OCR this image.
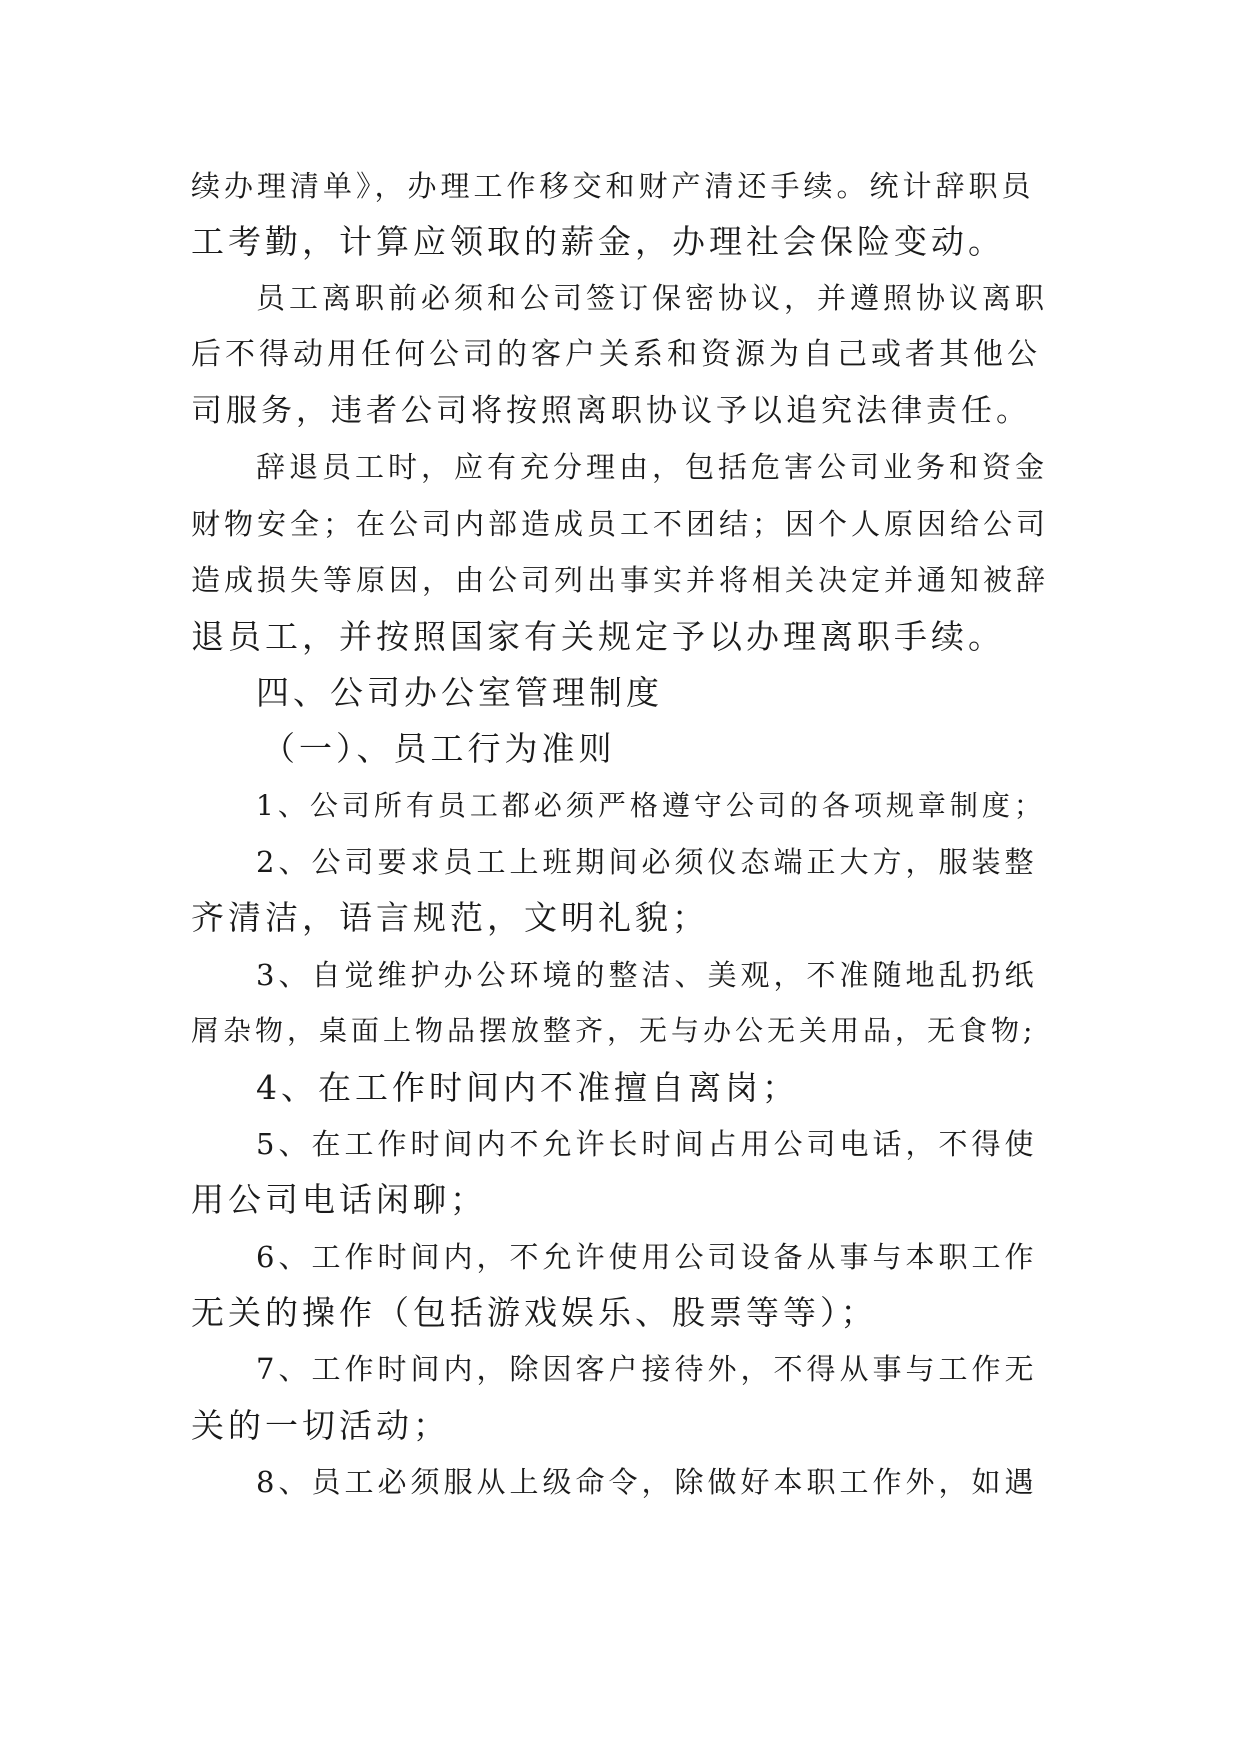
续办理清单》，办理工作移交和财产清还手续。统计辞职员
工考勤，计算应领取的薪金，办理社会保险变动。
员工离职前必须和公司签订保密协议，并遵照协议离职
后不得动用任何公司的客户关系和资源为自己或者其他公
司服务，违者公司将按照离职协议予以追究法律责任。
辞退员工时，应有充分理由，包括危害公司业务和资金
财物安全；在公司内部造成员工不团结；因个人原因给公司
造成损失等原因，由公司列出事实并将相关决定并通知被辞
退员工，并按照国家有关规定予以办理离职手续。
四、公司办公室管理制度
（一）、员工行为准则
1、公司所有员工都必须严格遵守公司的各项规章制度；
2、公司要求员工上班期间必须仪态端正大方，服装整
齐清洁，语言规范，文明礼貌；
3、自觉维护办公环境的整洁、美观，不准随地乱扔纸
屑杂物，桌面上物品摆放整齐，无与办公无关用品，无食物;
4、在工作时间内不准擅自离岗；
5、在工作时间内不允许长时间占用公司电话，不得使
用公司电话闲聊；
6、工作时间内，不允许使用公司设备从事与本职工作
无关的操作（包括游戏娱乐、股票等等）；
7、工作时间内，除因客户接待外，不得从事与工作无
关的一切活动；
8、员工必须服从上级命令，除做好本职工作外，如遇
